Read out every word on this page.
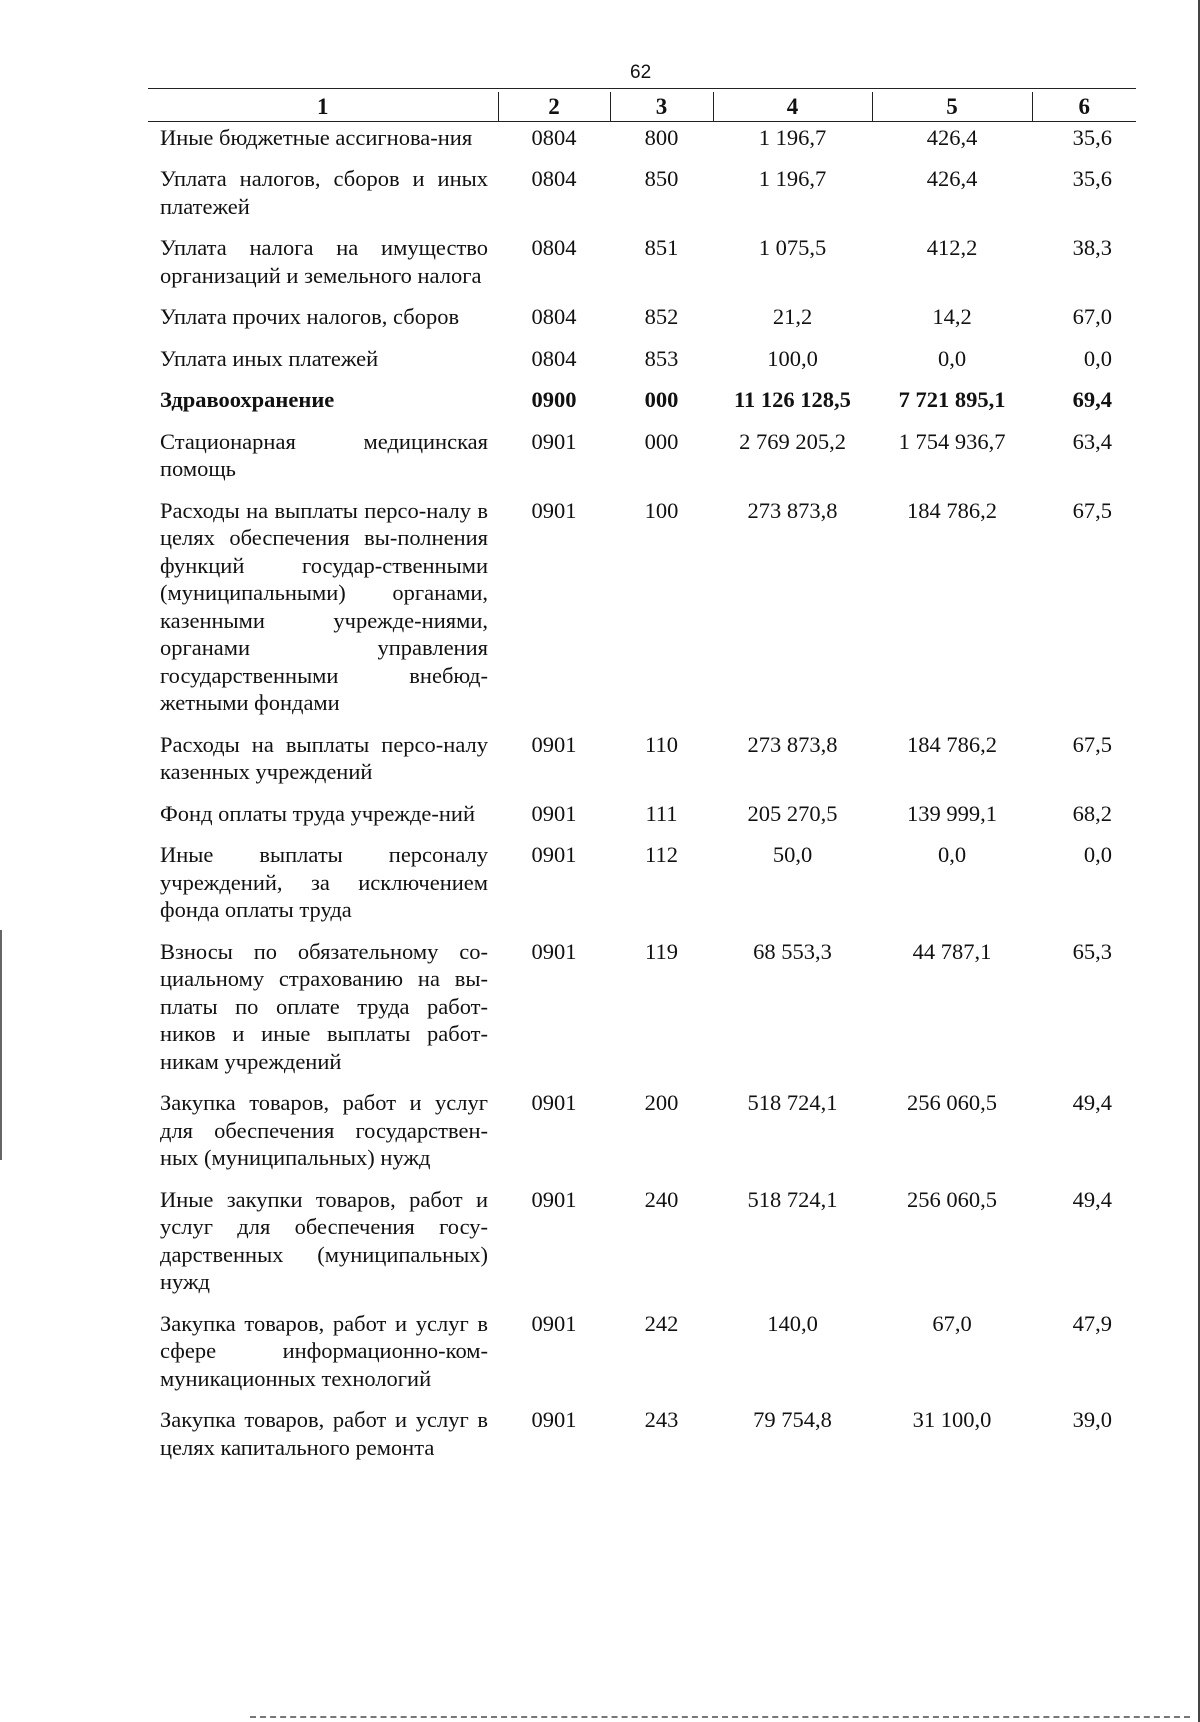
62
1	2	3	4	5	6
Иные бюджетные ассигнова-ния	0804	800	1 196,7	426,4	35,6
Уплата налогов, сборов и иных платежей	0804	850	1 196,7	426,4	35,6
Уплата налога на имущество организаций и земельного налога	0804	851	1 075,5	412,2	38,3
Уплата прочих налогов, сборов	0804	852	21,2	14,2	67,0
Уплата иных платежей	0804	853	100,0	0,0	0,0
Здравоохранение	0900	000	11 126 128,5	7 721 895,1	69,4
Стационарная медицинская помощь	0901	000	2 769 205,2	1 754 936,7	63,4
Расходы на выплаты персо-налу в целях обеспечения вы-полнения функций государ-ственными (муниципальными) органами, казенными учрежде-ниями, органами управления государственными внебюд-жетными фондами	0901	100	273 873,8	184 786,2	67,5
Расходы на выплаты персо-налу казенных учреждений	0901	110	273 873,8	184 786,2	67,5
Фонд оплаты труда учрежде-ний	0901	111	205 270,5	139 999,1	68,2
Иные выплаты персоналу учреждений, за исключением фонда оплаты труда	0901	112	50,0	0,0	0,0
Взносы по обязательному со-циальному страхованию на вы-платы по оплате труда работ-ников и иные выплаты работ-никам учреждений	0901	119	68 553,3	44 787,1	65,3
Закупка товаров, работ и услуг для обеспечения государствен-ных (муниципальных) нужд	0901	200	518 724,1	256 060,5	49,4
Иные закупки товаров, работ и услуг для обеспечения госу-дарственных (муниципальных) нужд	0901	240	518 724,1	256 060,5	49,4
Закупка товаров, работ и услуг в сфере информационно-ком-муникационных технологий	0901	242	140,0	67,0	47,9
Закупка товаров, работ и услуг в целях капитального ремонта	0901	243	79 754,8	31 100,0	39,0
